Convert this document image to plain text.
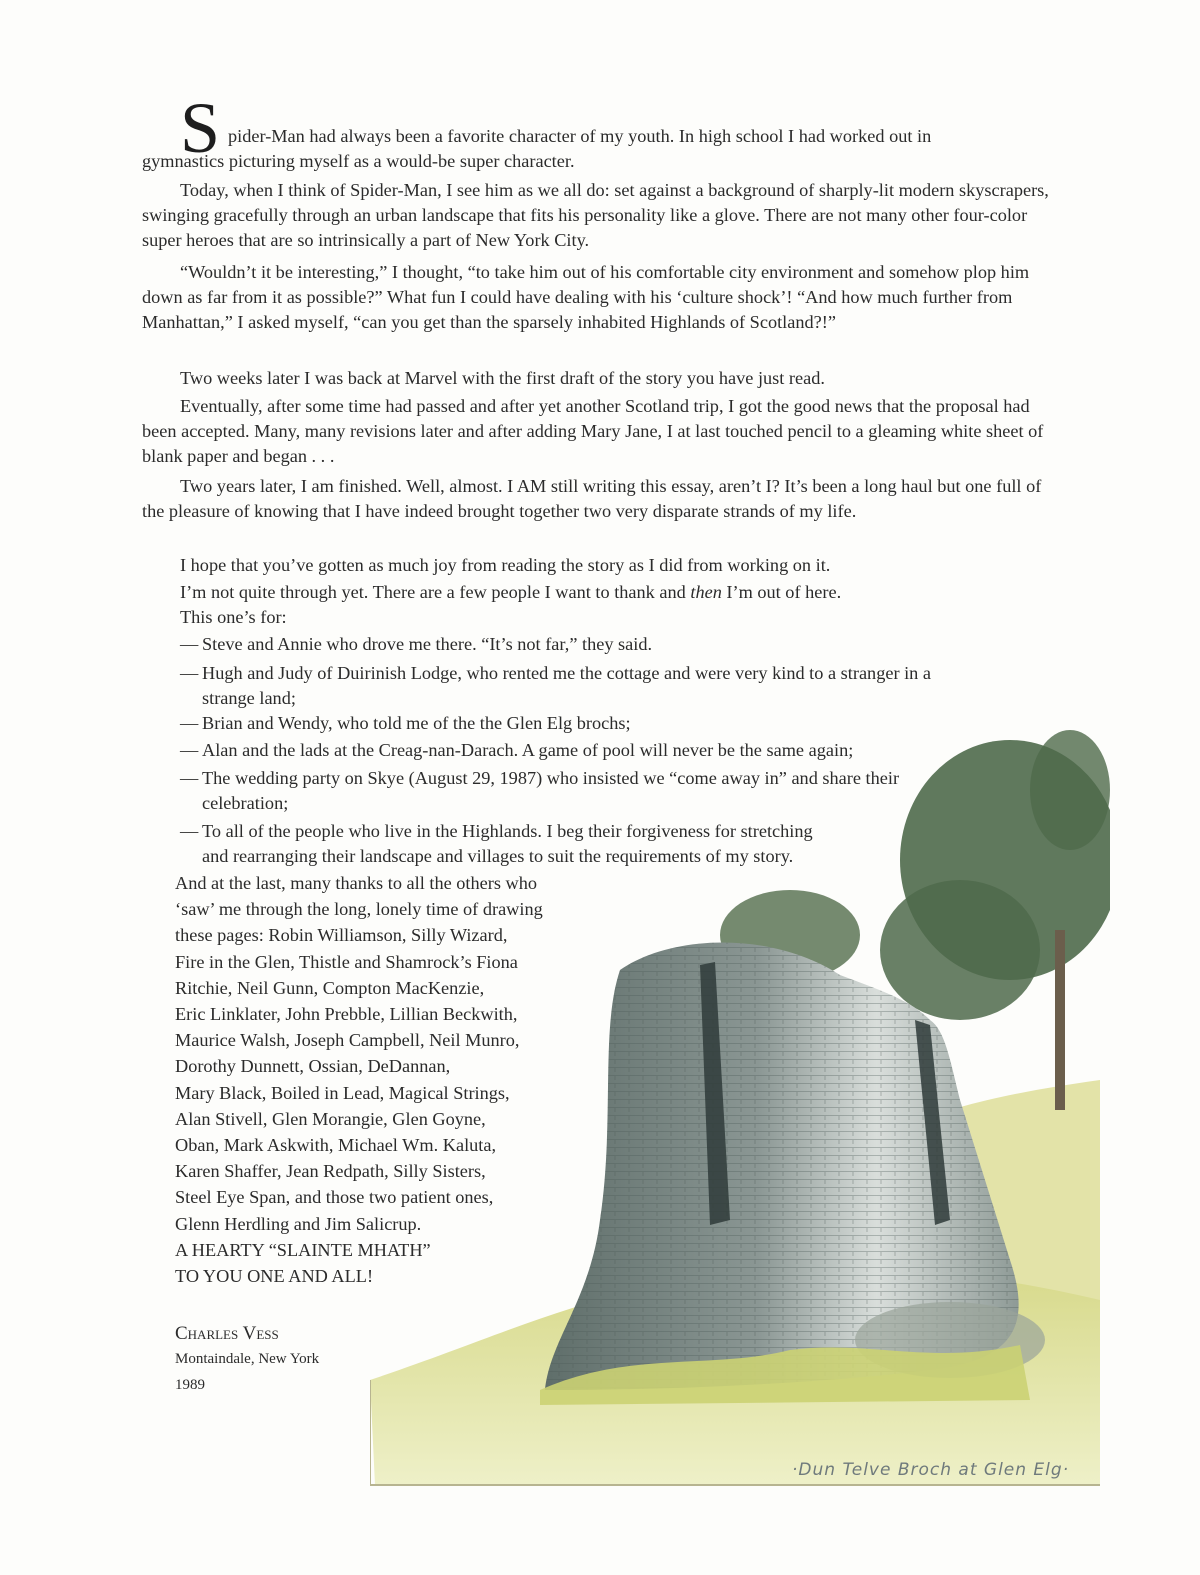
S pider-Man had always been a favorite character of my youth. In high school I had worked out in
gymnastics picturing myself as a would-be super character.

Today, when I think of Spider-Man, I see him as we all do: set against a background of sharply-lit modern skyscrapers, swinging gracefully through an urban landscape that fits his personality like a glove. There are not many other four-color super heroes that are so intrinsically a part of New York City.

“Wouldn’t it be interesting,” I thought, “to take him out of his comfortable city environment and somehow plop him down as far from it as possible?” What fun I could have dealing with his ‘culture shock’! “And how much further from Manhattan,” I asked myself, “can you get than the sparsely inhabited Highlands of Scotland?!”

Two weeks later I was back at Marvel with the first draft of the story you have just read.

Eventually, after some time had passed and after yet another Scotland trip, I got the good news that the proposal had been accepted. Many, many revisions later and after adding Mary Jane, I at last touched pencil to a gleaming white sheet of blank paper and began . . .

Two years later, I am finished. Well, almost. I AM still writing this essay, aren’t I? It’s been a long haul but one full of the pleasure of knowing that I have indeed brought together two very disparate strands of my life.

I hope that you’ve gotten as much joy from reading the story as I did from working on it.

I’m not quite through yet. There are a few people I want to thank and then I’m out of here.

This one’s for:

— Steve and Annie who drove me there. “It’s not far,” they said.

— Hugh and Judy of Duirinish Lodge, who rented me the cottage and were very kind to a stranger in a
strange land;

— Brian and Wendy, who told me of the the Glen Elg brochs;

— Alan and the lads at the Creag-nan-Darach. A game of pool will never be the same again;

— The wedding party on Skye (August 29, 1987) who insisted we “come away in” and share their
celebration;

— To all of the people who live in the Highlands. I beg their forgiveness for stretching
and rearranging their landscape and villages to suit the requirements of my story.

And at the last, many thanks to all the others who
‘saw’ me through the long, lonely time of drawing
these pages: Robin Williamson, Silly Wizard,
Fire in the Glen, Thistle and Shamrock’s Fiona
Ritchie, Neil Gunn, Compton MacKenzie,
Eric Linklater, John Prebble, Lillian Beckwith,
Maurice Walsh, Joseph Campbell, Neil Munro,
Dorothy Dunnett, Ossian, DeDannan,
Mary Black, Boiled in Lead, Magical Strings,
Alan Stivell, Glen Morangie, Glen Goyne,
Oban, Mark Askwith, Michael Wm. Kaluta,
Karen Shaffer, Jean Redpath, Silly Sisters,
Steel Eye Span, and those two patient ones,
Glenn Herdling and Jim Salicrup.
A HEARTY “SLAINTE MHATH”
TO YOU ONE AND ALL!
Charles Vess
Montaindale, New York
1989
·Dun Telve Broch at Glen Elg·
